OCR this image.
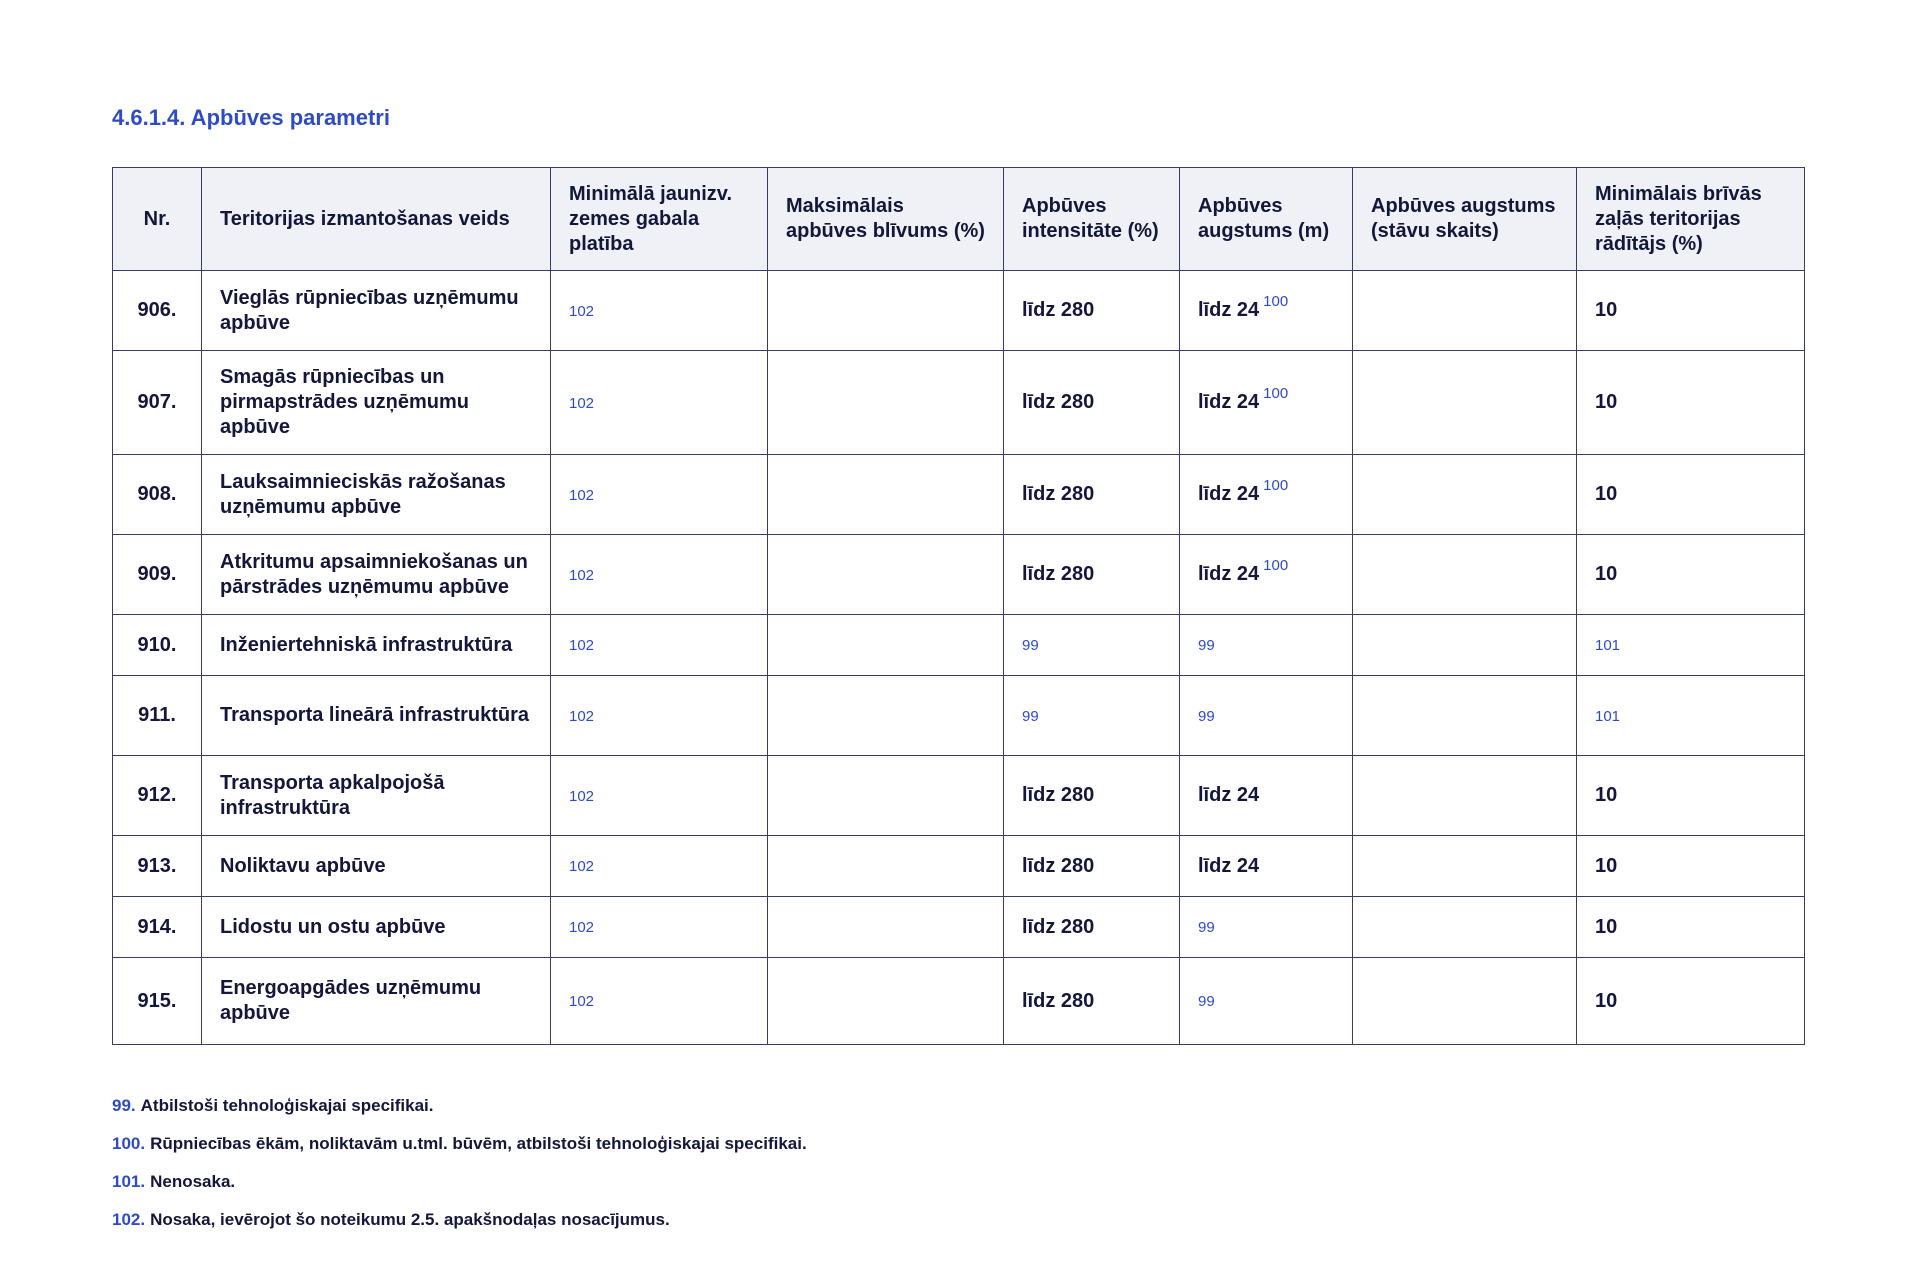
4.6.1.4. Apbūves parametri
Nr.	Teritorijas izmantošanas veids	Minimālā jaunizv. zemes gabala platība	Maksimālais apbūves blīvums (%)	Apbūves intensitāte (%)	Apbūves augstums (m)	Apbūves augstums (stāvu skaits)	Minimālais brīvās zaļās teritorijas rādītājs (%)
906.	Vieglās rūpniecības uzņēmumu apbūve	102		līdz 280	līdz 24 $^{100}$		10
907.	Smagās rūpniecības un pirmapstrādes uzņēmumu apbūve	102		līdz 280	līdz 24 $^{100}$		10
908.	Lauksaimnieciskās ražošanas uzņēmumu apbūve	102		līdz 280	līdz 24 $^{100}$		10
909.	Atkritumu apsaimniekošanas un pārstrādes uzņēmumu apbūve	102		līdz 280	līdz 24 $^{100}$		10
910.	Inženiertehniskā infrastruktūra	102		99	99		101
911.	Transporta lineārā infrastruktūra	102		99	99		101
912.	Transporta apkalpojošā infrastruktūra	102		līdz 280	līdz 24		10
913.	Noliktavu apbūve	102		līdz 280	līdz 24		10
914.	Lidostu un ostu apbūve	102		līdz 280	99		10
915.	Energoapgādes uzņēmumu apbūve	102		līdz 280	99		10

99. Atbilstoši tehnoloģiskajai specifikai.

100. Rūpniecības ēkām, noliktavām u.tml. būvēm, atbilstoši tehnoloģiskajai specifikai.

101. Nenosaka.

102. Nosaka, ievērojot šo noteikumu 2.5. apakšnodaļas nosacījumus.
